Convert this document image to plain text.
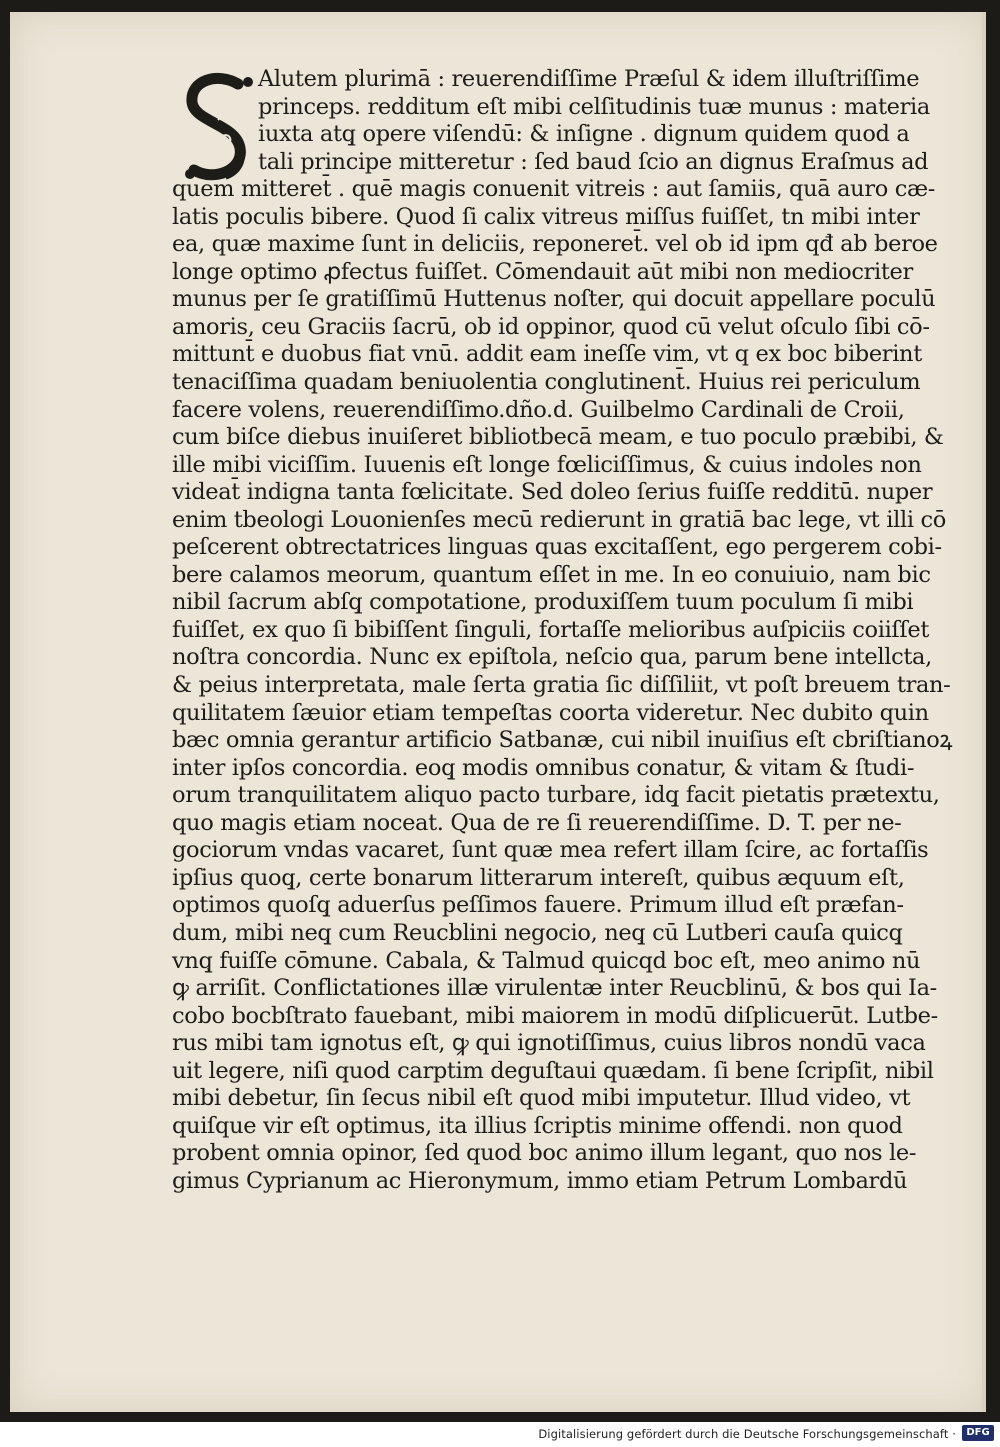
Alutem plurimā : reuerendiſſime Præſul & idem illuſtriſſime
princeps. redditum eſt mibi celſitudinis tuæ munus : materia
iuxta atq̧ opere viſendū: & inſigne . dignum quidem quod a
tali principe mitteretur : ſed baud ſcio an dignus Eraſmus ad
quem mitteret̄ . quē magis conuenit vitreis : aut ſamiis, quā auro cæ-
latis poculis bibere. Quod ſi calix vitreus miſſus fuiſſet, tn mibi inter
ea, quæ maxime ſunt in deliciis, reponeret̄. vel ob id ipm qđ ab beroe
longe optimo ꝓfectus fuiſſet. Cōmendauit aūt mibi non mediocriter
munus per ſe gratiſſimū Huttenus noſter, qui docuit appellare poculū
amoris, ceu Graciis ſacrū, ob id oppinor, quod cū velut oſculo ſibi cō-
mittunt̄ e duobus fiat vnū. addit eam ineſſe vim, vt q ex boc biberint
tenaciſſima quadam beniuolentia conglutinent̄. Huius rei periculum
facere volens, reuerendiſſimo.dño.d. Guilbelmo Cardinali de Croii,
cum biſce diebus inuiſeret bibliotbecā meam, e tuo poculo præbibi, &
ille mibi viciſſim. Iuuenis eſt longe fœliciſſimus, & cuius indoles non
videat̄ indigna tanta fœlicitate. Sed doleo ſerius fuiſſe redditū. nuper
enim tbeologi Louonienſes mecū redierunt in gratiā bac lege, vt illi cō
peſcerent obtrectatrices linguas quas excitaſſent, ego pergerem cobi-
bere calamos meorum, quantum eſſet in me. In eo conuiuio, nam bic
nibil ſacrum abſq̧ compotatione, produxiſſem tuum poculum ſi mibi
fuiſſet, ex quo ſi bibiſſent ſinguli, fortaſſe melioribus auſpiciis coiiſſet
noſtra concordia. Nunc ex epiſtola, neſcio qua, parum bene intellcta,
& peius interpretata, male ſerta gratia ſic diſſiliit, vt poſt breuem tran-
quilitatem ſæuior etiam tempeſtas coorta videretur. Nec dubito quin
bæc omnia gerantur artificio Satbanæ, cui nibil inuiſius eſt cbriſtianoꝝ
inter ipſos concordia. eoq̧ modis omnibus conatur, & vitam & ſtudi-
orum tranquilitatem aliquo pacto turbare, idq̧ facit pietatis prætextu,
quo magis etiam noceat. Qua de re ſi reuerendiſſime. D. T. per ne-
gociorum vndas vacaret, ſunt quæ mea refert illam ſcire, ac fortaſſis
ipſius quoq̧, certe bonarum litterarum intereſt, quibus æquum eſt,
optimos quoſq̧ aduerſus peſſimos fauere. Primum illud eſt præfan-
dum, mibi neq̧ cum Reucblini negocio, neq̧ cū Lutberi cauſa quicq̧
vnq̧ fuiſſe cōmune. Cabala, & Talmud quicqd boc eſt, meo animo nū
ꝙ arriſit. Conflictationes illæ virulentæ inter Reucblinū, & bos qui Ia-
cobo bocbſtrato fauebant, mibi maiorem in modū diſplicuerūt. Lutbe-
rus mibi tam ignotus eſt, ꝙ qui ignotiſſimus, cuius libros nondū vaca
uit legere, niſi quod carptim deguſtaui quædam. ſi bene ſcripſit, nibil
mibi debetur, ſin ſecus nibil eſt quod mibi imputetur. Illud video, vt
quiſque vir eſt optimus, ita illius ſcriptis minime offendi. non quod
probent omnia opinor, ſed quod boc animo illum legant, quo nos le-
gimus Cyprianum ac Hieronymum, immo etiam Petrum Lombardū
Digitalisierung gefördert durch die Deutsche Forschungsgemeinschaft ·	DFG
